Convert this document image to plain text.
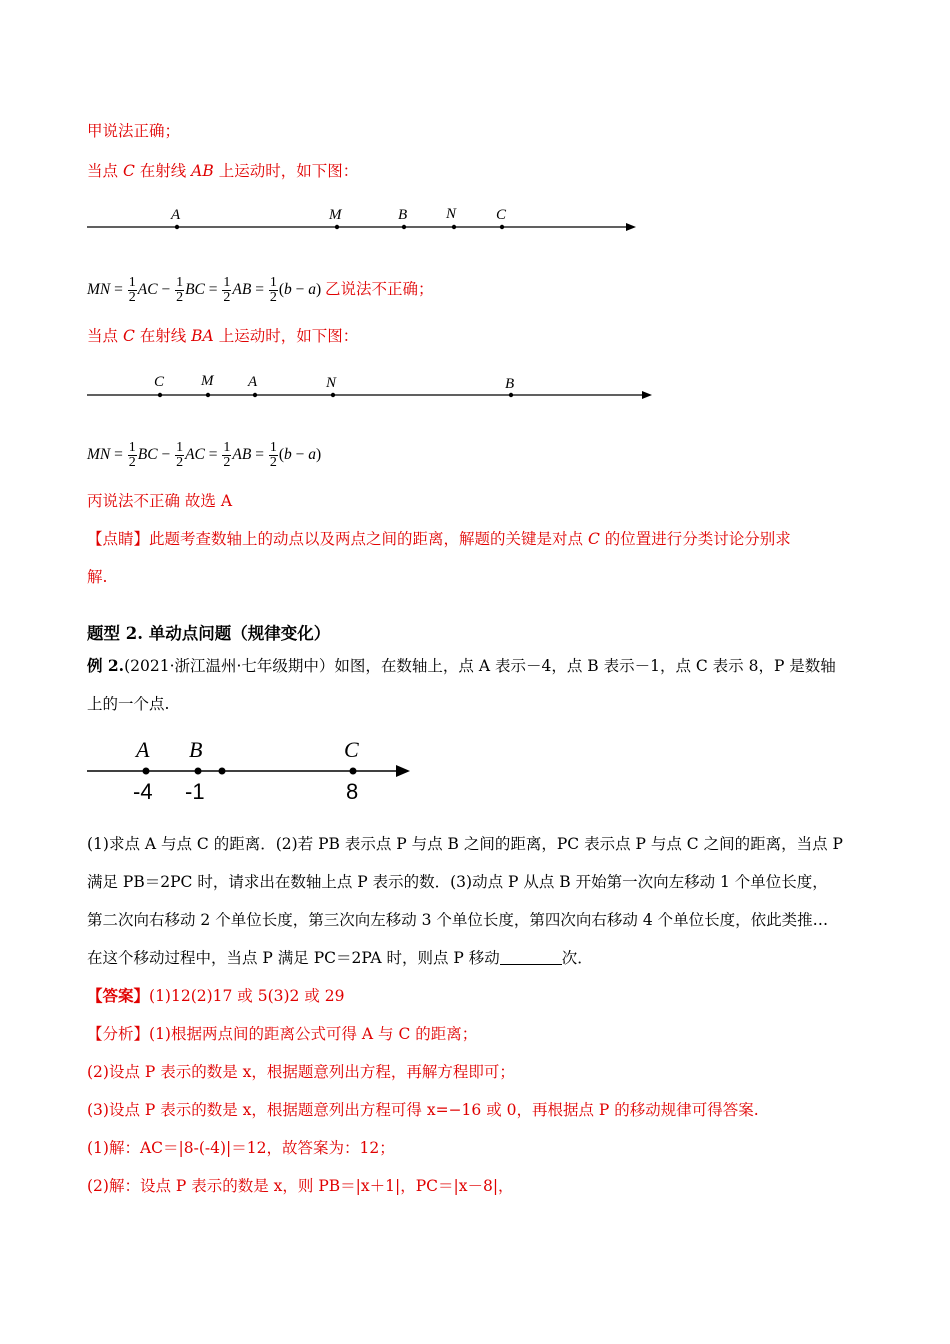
甲说法正确；
当点 C 在射线 AB 上运动时，如下图：
A	M	B	N	C
MN = $\frac{1}{2}$ AC − $\frac{1}{2}$ BC = $\frac{1}{2}$ AB = $\frac{1}{2} (b - a)$ 乙说法不正确；
当点 C 在射线 BA 上运动时，如下图：
C M A	N	B
MN = $\frac{1}{2}$ BC − $\frac{1}{2}$ AC = $\frac{1}{2}$ AB = $\frac{1}{2} (b - a)$
丙说法不正确 故选 A
【点睛】此题考查数轴上的动点以及两点之间的距离，解题的关键是对点 C 的位置进行分类讨论分别求
解.
题型 2. 单动点问题（规律变化）
例 2.(2021·浙江温州·七年级期中）如图，在数轴上，点 A 表示－4，点 B 表示－1，点 C 表示 8，P 是数轴
上的一个点.
A
-4
B
-1
C
8
(1)求点 A 与点 C 的距离．(2)若 PB 表示点 P 与点 B 之间的距离，PC 表示点 P 与点 C 之间的距离，当点 P
满足 PB＝2PC 时，请求出在数轴上点 P 表示的数．(3)动点 P 从点 B 开始第一次向左移动 1 个单位长度，
第二次向右移动 2 个单位长度，第三次向左移动 3 个单位长度，第四次向右移动 4 个单位长度，依此类推…
在这个移动过程中，当点 P 满足 PC＝2PA 时，则点 P 移动	次．
【答案】(1)12(2)17 或 5(3)2 或 29
【分析】(1)根据两点间的距离公式可得 A 与 C 的距离；
(2)设点 P 表示的数是 x，根据题意列出方程，再解方程即可；
(3)设点 P 表示的数是 x，根据题意列出方程可得 x=−16 或 0，再根据点 P 的移动规律可得答案.
(1)解：AC＝|8-(-4)|＝12，故答案为：12；
(2)解：设点 P 表示的数是 x，则 PB＝|x＋1|，PC＝|x－8|，
